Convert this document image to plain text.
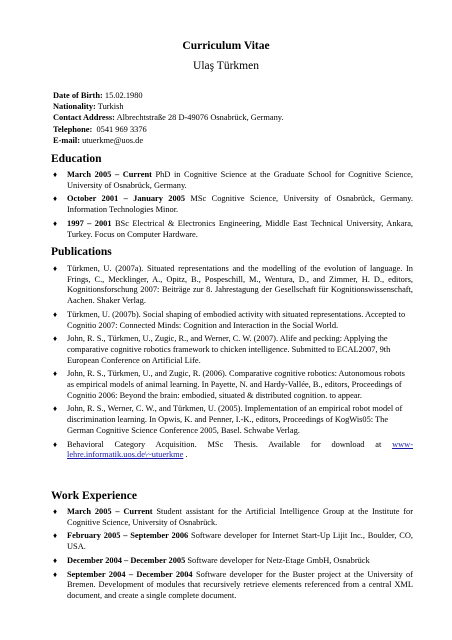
Curriculum Vitae
Ulaş Türkmen
Date of Birth: 15.02.1980
Nationality: Turkish
Contact Address: Albrechtstraße 28 D-49076 Osnabrück, Germany.
Telephone:  0541 969 3376
E-mail: utuerkme@uos.de
Education
♦ March 2005 – Current PhD in Cognitive Science at the Graduate School for Cognitive Science, University of Osnabrück, Germany.
♦ October 2001 – January 2005 MSc Cognitive Science, University of Osnabrück, Germany. Information Technologies Minor.
♦ 1997 – 2001 BSc Electrical & Electronics Engineering, Middle East Technical University, Ankara, Turkey. Focus on Computer Hardware.
Publications
♦ Türkmen, U. (2007a). Situated representations and the modelling of the evolution of language. In Frings, C., Mecklinger, A., Opitz, B., Pospeschill, M., Wentura, D., and Zimmer, H. D., editors, Kognitionsforschung 2007: Beiträge zur 8. Jahrestagung der Gesellschaft für Kognitionswissenschaft, Aachen. Shaker Verlag.
♦ Türkmen, U. (2007b). Social shaping of embodied activity with situated representations. Accepted to Cognitio 2007: Connected Minds: Cognition and Interaction in the Social World.
♦ John, R. S., Türkmen, U., Zugic, R., and Werner, C. W. (2007). Alife and pecking: Applying the comparative cognitive robotics framework to chicken intelligence. Submitted to ECAL2007, 9th European Conference on Artificial Life.
♦ John, R. S., Türkmen, U., and Zugic, R. (2006). Comparative cognitive robotics: Autonomous robots as empirical models of animal learning. In Payette, N. and Hardy-Vallée, B., editors, Proceedings of Cognitio 2006: Beyond the brain: embodied, situated & distributed cognition. to appear.
♦ John, R. S., Werner, C. W., and Türkmen, U. (2005). Implementation of an empirical robot model of discrimination learning. In Opwis, K. and Penner, I.-K., editors, Proceedings of KogWis05: The German Cognitive Science Conference 2005, Basel. Schwabe Verlag.
♦ Behavioral Category Acquisition. MSc Thesis. Available for download at www-lehre.informatik.uos.de\~utuerkme .
Work Experience
♦ March 2005 – Current Student assistant for the Artificial Intelligence Group at the Institute for Cognitive Science, University of Osnabrück.
♦ February 2005 – September 2006 Software developer for Internet Start-Up Lijit Inc., Boulder, CO, USA.
♦ December 2004 – December 2005 Software developer for Netz-Etage GmbH, Osnabrück
♦ September 2004 – December 2004 Software developer for the Buster project at the University of Bremen. Development of modules that recursively retrieve elements referenced from a central XML document, and create a single complete document.
